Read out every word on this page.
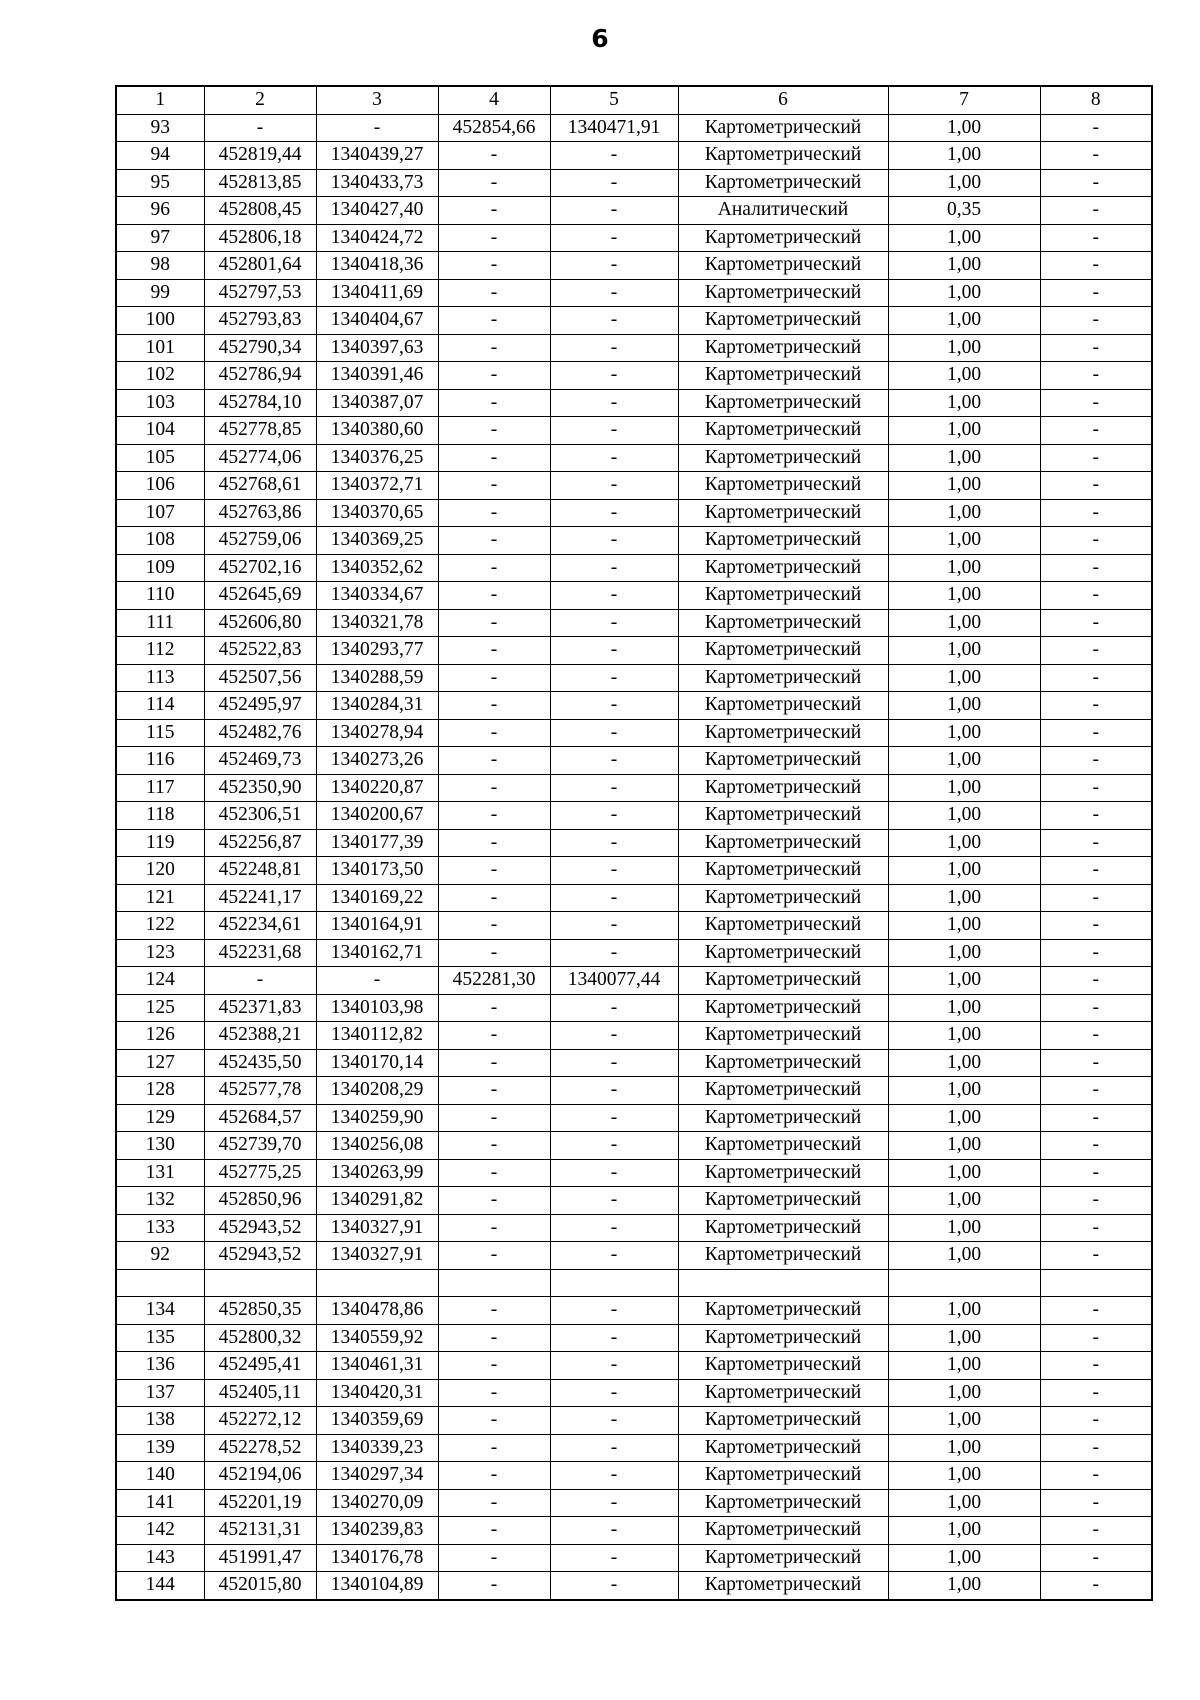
6
1	2	3	4	5	6	7	8
93	-	-	452854,66	1340471,91	Картометрический	1,00	-
94	452819,44	1340439,27	-	-	Картометрический	1,00	-
95	452813,85	1340433,73	-	-	Картометрический	1,00	-
96	452808,45	1340427,40	-	-	Аналитический	0,35	-
97	452806,18	1340424,72	-	-	Картометрический	1,00	-
98	452801,64	1340418,36	-	-	Картометрический	1,00	-
99	452797,53	1340411,69	-	-	Картометрический	1,00	-
100	452793,83	1340404,67	-	-	Картометрический	1,00	-
101	452790,34	1340397,63	-	-	Картометрический	1,00	-
102	452786,94	1340391,46	-	-	Картометрический	1,00	-
103	452784,10	1340387,07	-	-	Картометрический	1,00	-
104	452778,85	1340380,60	-	-	Картометрический	1,00	-
105	452774,06	1340376,25	-	-	Картометрический	1,00	-
106	452768,61	1340372,71	-	-	Картометрический	1,00	-
107	452763,86	1340370,65	-	-	Картометрический	1,00	-
108	452759,06	1340369,25	-	-	Картометрический	1,00	-
109	452702,16	1340352,62	-	-	Картометрический	1,00	-
110	452645,69	1340334,67	-	-	Картометрический	1,00	-
111	452606,80	1340321,78	-	-	Картометрический	1,00	-
112	452522,83	1340293,77	-	-	Картометрический	1,00	-
113	452507,56	1340288,59	-	-	Картометрический	1,00	-
114	452495,97	1340284,31	-	-	Картометрический	1,00	-
115	452482,76	1340278,94	-	-	Картометрический	1,00	-
116	452469,73	1340273,26	-	-	Картометрический	1,00	-
117	452350,90	1340220,87	-	-	Картометрический	1,00	-
118	452306,51	1340200,67	-	-	Картометрический	1,00	-
119	452256,87	1340177,39	-	-	Картометрический	1,00	-
120	452248,81	1340173,50	-	-	Картометрический	1,00	-
121	452241,17	1340169,22	-	-	Картометрический	1,00	-
122	452234,61	1340164,91	-	-	Картометрический	1,00	-
123	452231,68	1340162,71	-	-	Картометрический	1,00	-
124	-	-	452281,30	1340077,44	Картометрический	1,00	-
125	452371,83	1340103,98	-	-	Картометрический	1,00	-
126	452388,21	1340112,82	-	-	Картометрический	1,00	-
127	452435,50	1340170,14	-	-	Картометрический	1,00	-
128	452577,78	1340208,29	-	-	Картометрический	1,00	-
129	452684,57	1340259,90	-	-	Картометрический	1,00	-
130	452739,70	1340256,08	-	-	Картометрический	1,00	-
131	452775,25	1340263,99	-	-	Картометрический	1,00	-
132	452850,96	1340291,82	-	-	Картометрический	1,00	-
133	452943,52	1340327,91	-	-	Картометрический	1,00	-
92	452943,52	1340327,91	-	-	Картометрический	1,00	-

134	452850,35	1340478,86	-	-	Картометрический	1,00	-
135	452800,32	1340559,92	-	-	Картометрический	1,00	-
136	452495,41	1340461,31	-	-	Картометрический	1,00	-
137	452405,11	1340420,31	-	-	Картометрический	1,00	-
138	452272,12	1340359,69	-	-	Картометрический	1,00	-
139	452278,52	1340339,23	-	-	Картометрический	1,00	-
140	452194,06	1340297,34	-	-	Картометрический	1,00	-
141	452201,19	1340270,09	-	-	Картометрический	1,00	-
142	452131,31	1340239,83	-	-	Картометрический	1,00	-
143	451991,47	1340176,78	-	-	Картометрический	1,00	-
144	452015,80	1340104,89	-	-	Картометрический	1,00	-
